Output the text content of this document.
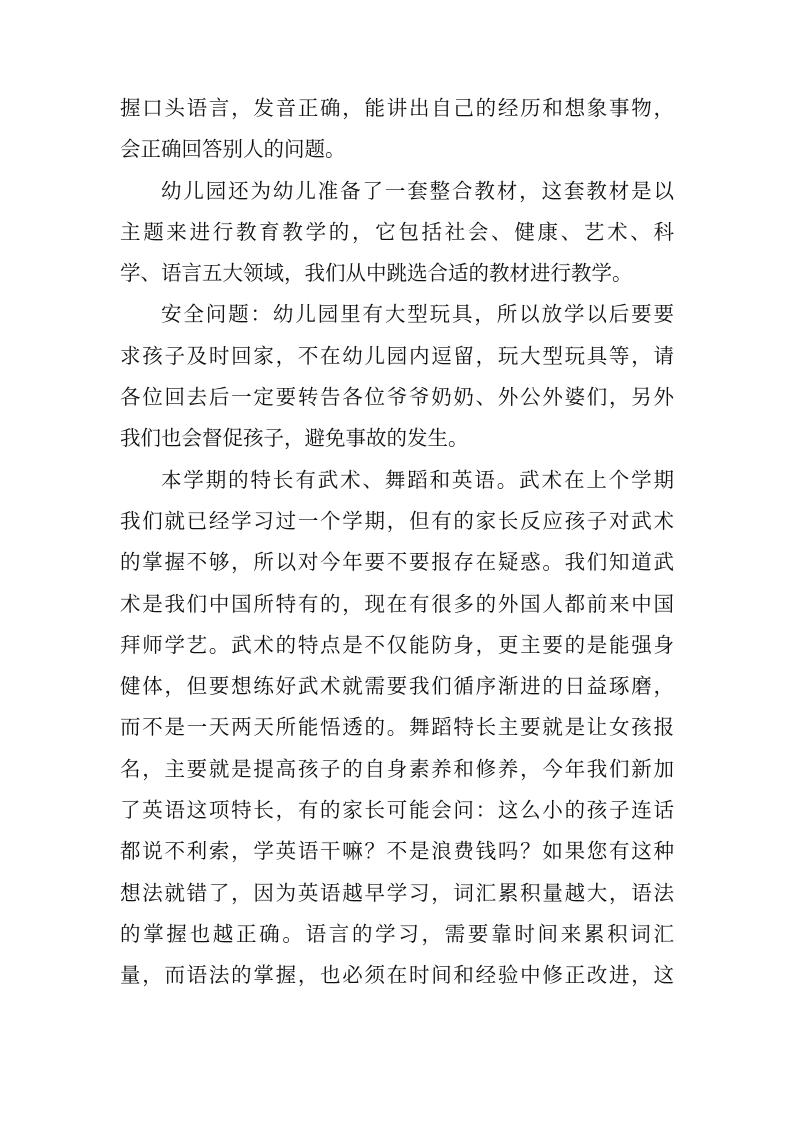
握口头语言，发音正确，能讲出自己的经历和想象事物，
会正确回答别人的问题。
幼儿园还为幼儿准备了一套整合教材，这套教材是以
主题来进行教育教学的，它包括社会、健康、艺术、科
学、语言五大领域，我们从中跳选合适的教材进行教学。
安全问题：幼儿园里有大型玩具，所以放学以后要要
求孩子及时回家，不在幼儿园内逗留，玩大型玩具等，请
各位回去后一定要转告各位爷爷奶奶、外公外婆们，另外
我们也会督促孩子，避免事故的发生。
本学期的特长有武术、舞蹈和英语。武术在上个学期
我们就已经学习过一个学期，但有的家长反应孩子对武术
的掌握不够，所以对今年要不要报存在疑惑。我们知道武
术是我们中国所特有的，现在有很多的外国人都前来中国
拜师学艺。武术的特点是不仅能防身，更主要的是能强身
健体，但要想练好武术就需要我们循序渐进的日益琢磨，
而不是一天两天所能悟透的。舞蹈特长主要就是让女孩报
名，主要就是提高孩子的自身素养和修养，今年我们新加
了英语这项特长，有的家长可能会问：这么小的孩子连话
都说不利索，学英语干嘛？不是浪费钱吗？如果您有这种
想法就错了，因为英语越早学习，词汇累积量越大，语法
的掌握也越正确。语言的学习，需要靠时间来累积词汇
量，而语法的掌握，也必须在时间和经验中修正改进，这
